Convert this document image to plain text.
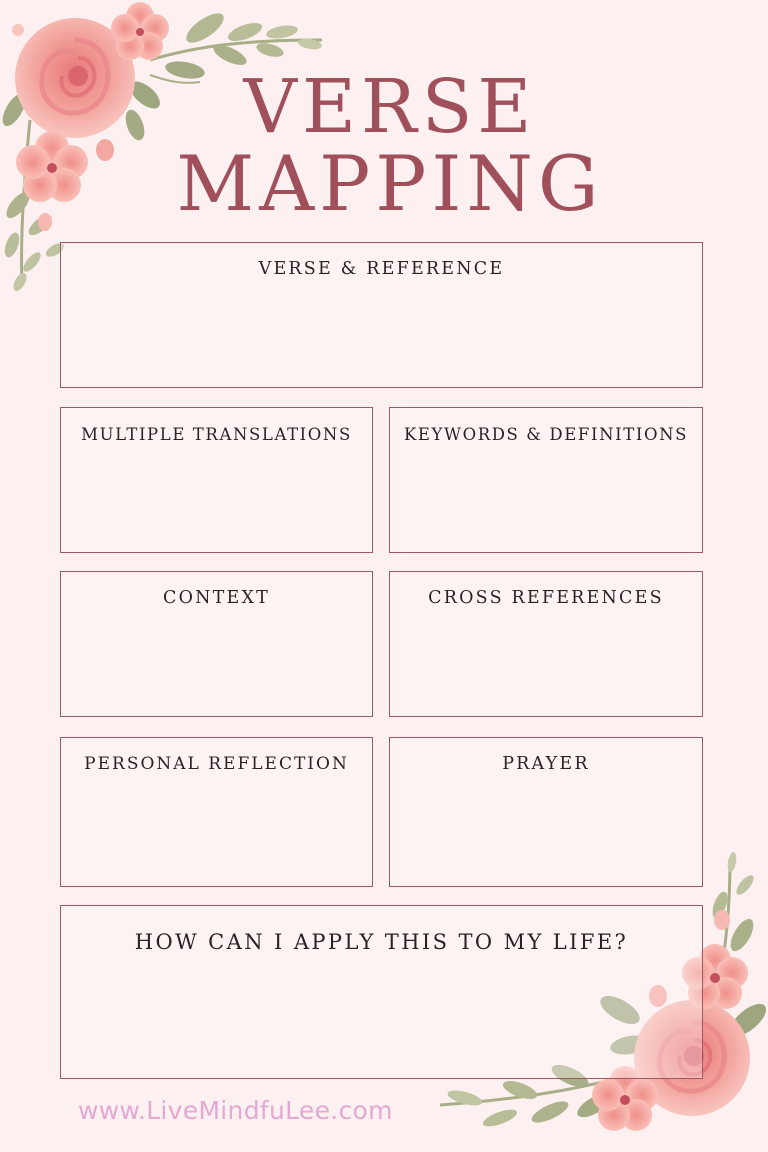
VERSE
MAPPING
VERSE & REFERENCE
MULTIPLE TRANSLATIONS	KEYWORDS & DEFINITIONS
CONTEXT	CROSS REFERENCES
PERSONAL REFLECTION	PRAYER
HOW CAN I APPLY THIS TO MY LIFE?
www.LiveMindfuLee.com
